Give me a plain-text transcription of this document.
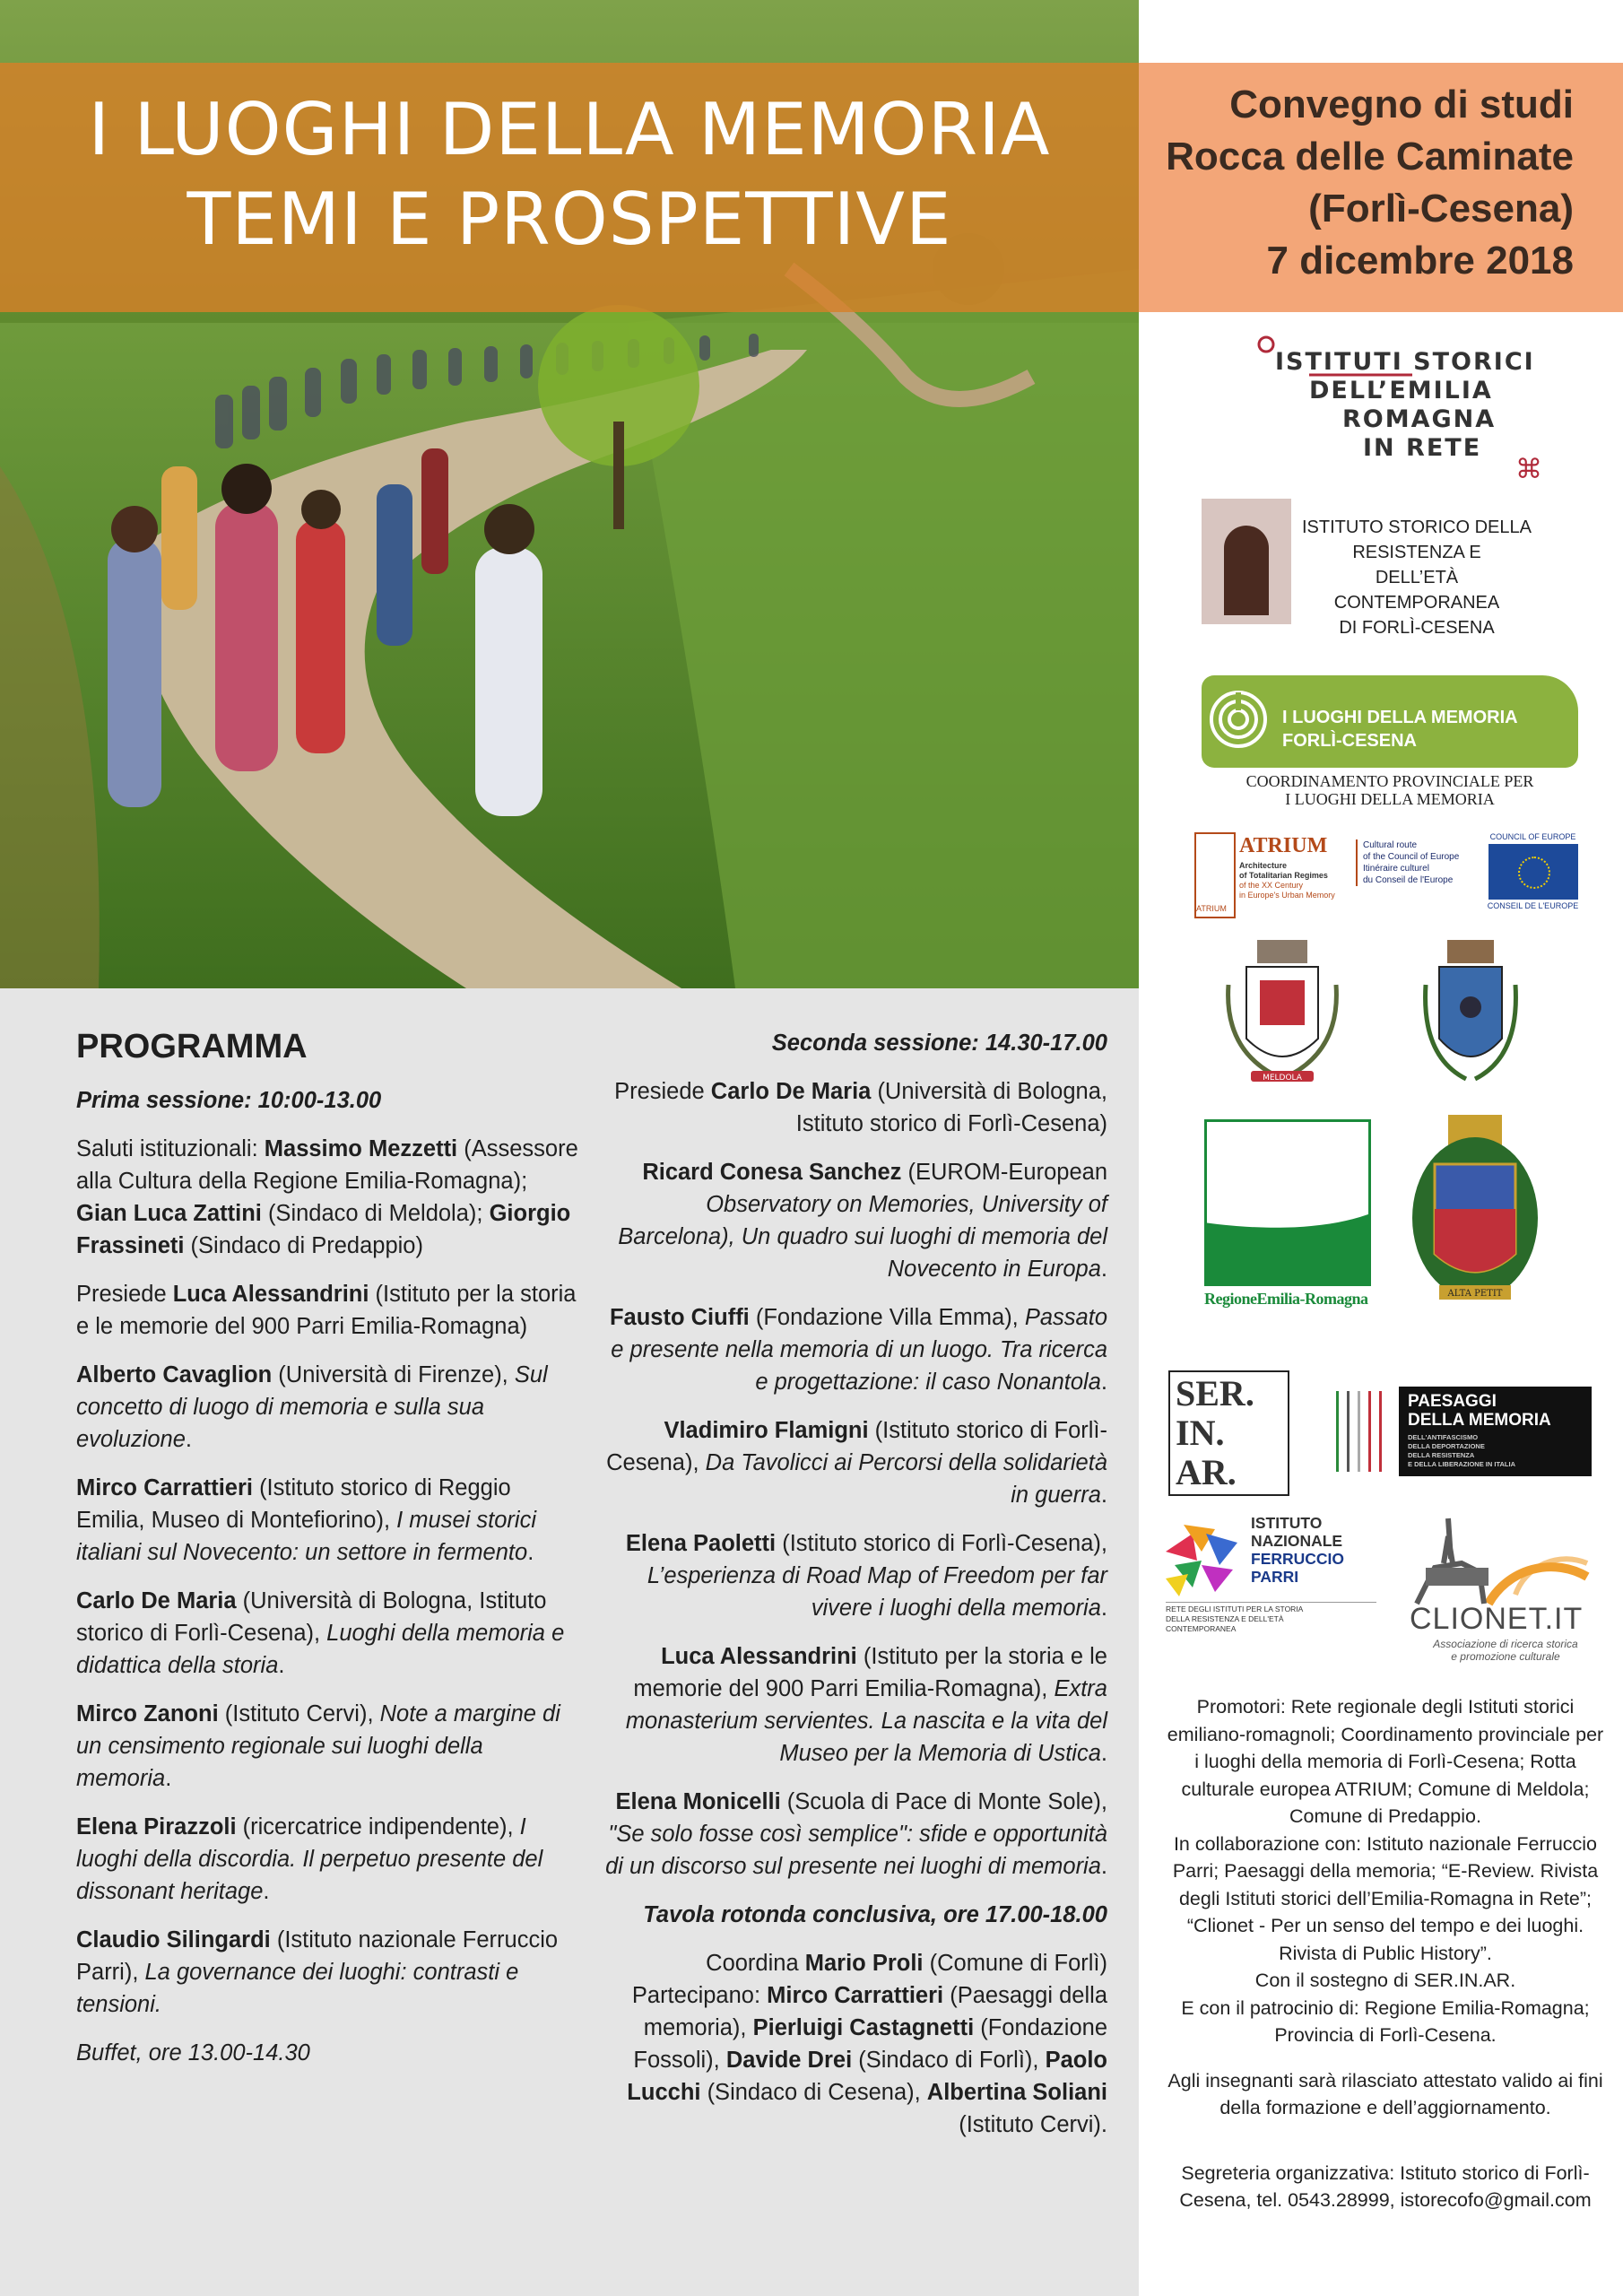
I LUOGHI DELLA MEMORIA
TEMI E PROSPETTIVE
Convegno di studi
Rocca delle Caminate
(Forlì-Cesena)
7 dicembre 2018

PROGRAMMA

Prima sessione: 10:00-13.00

Saluti istituzionali: Massimo Mezzetti (Assessore alla Cultura della Regione Emilia-Romagna); Gian Luca Zattini (Sindaco di Meldola); Giorgio Frassineti (Sindaco di Predappio)

Presiede Luca Alessandrini (Istituto per la storia e le memorie del 900 Parri Emilia-Romagna)

Alberto Cavaglion (Università di Firenze), Sul concetto di luogo di memoria e sulla sua evoluzione.

Mirco Carrattieri (Istituto storico di Reggio Emilia, Museo di Montefiorino), I musei storici italiani sul Novecento: un settore in fermento.

Carlo De Maria (Università di Bologna, Istituto storico di Forlì-Cesena), Luoghi della memoria e didattica della storia.

Mirco Zanoni (Istituto Cervi), Note a margine di un censimento regionale sui luoghi della memoria.

Elena Pirazzoli (ricercatrice indipendente), I luoghi della discordia. Il perpetuo presente del dissonant heritage.

Claudio Silingardi (Istituto nazionale Ferruccio Parri), La governance dei luoghi: contrasti e tensioni.

Buffet, ore 13.00-14.30

Seconda sessione: 14.30-17.00

Presiede Carlo De Maria (Università di Bologna, Istituto storico di Forlì-Cesena)

Ricard Conesa Sanchez (EUROM-European Observatory on Memories, University of Barcelona), Un quadro sui luoghi di memoria del Novecento in Europa.

Fausto Ciuffi (Fondazione Villa Emma), Passato e presente nella memoria di un luogo. Tra ricerca e progettazione: il caso Nonantola.

Vladimiro Flamigni (Istituto storico di Forlì-Cesena), Da Tavolicci ai Percorsi della solidarietà in guerra.

Elena Paoletti (Istituto storico di Forlì-Cesena), L’esperienza di Road Map of Freedom per far vivere i luoghi della memoria.

Luca Alessandrini (Istituto per la storia e le memorie del 900 Parri Emilia-Romagna), Extra monasterium servientes. La nascita e la vita del Museo per la Memoria di Ustica.

Elena Monicelli (Scuola di Pace di Monte Sole), "Se solo fosse così semplice": sfide e opportunità di un discorso sul presente nei luoghi di memoria.

Tavola rotonda conclusiva, ore 17.00-18.00

Coordina Mario Proli (Comune di Forlì)
Partecipano: Mirco Carrattieri (Paesaggi della memoria), Pierluigi Castagnetti (Fondazione Fossoli), Davide Drei (Sindaco di Forlì), Paolo Lucchi (Sindaco di Cesena), Albertina Soliani (Istituto Cervi).

ISTITUTI STORICI
DELL’EMILIA
ROMAGNA
IN RETE
⌘
ISTITUTO STORICO DELLA
RESISTENZA E
DELL’ETÀ CONTEMPORANEA
DI FORLÌ-CESENA
I LUOGHI DELLA MEMORIA
FORLÌ-CESENA
COORDINAMENTO PROVINCIALE PER
I LUOGHI DELLA MEMORIA
ATRIUM
ATRIUM
Architecture
of Totalitarian Regimes
of the XX Century
in Europe's Urban Memory
Cultural route
of the Council of Europe
Itinéraire culturel
du Conseil de l'Europe
COUNCIL OF EUROPE
CONSEIL DE L'EUROPE
MELDOLA
RegioneEmilia-Romagna	ALTA PETIT
SER.
IN.
AR.
PAESAGGI
DELLA MEMORIA
DELL'ANTIFASCISMO
DELLA DEPORTAZIONE
DELLA RESISTENZA
E DELLA LIBERAZIONE IN ITALIA
ISTITUTO
NAZIONALE
FERRUCCIO
PARRI
RETE DEGLI ISTITUTI PER LA STORIA
DELLA RESISTENZA E DELL'ETÀ
CONTEMPORANEA	CLIONET.IT
Associazione di ricerca storica
e promozione culturale

Promotori: Rete regionale degli Istituti storici emiliano-romagnoli; Coordinamento provinciale per i luoghi della memoria di Forlì-Cesena; Rotta culturale europea ATRIUM; Comune di Meldola; Comune di Predappio.

In collaborazione con: Istituto nazionale Ferruccio Parri; Paesaggi della memoria; “E-Review. Rivista degli Istituti storici dell’Emilia-Romagna in Rete”; “Clionet - Per un senso del tempo e dei luoghi. Rivista di Public History”.

Con il sostegno di SER.IN.AR.

E con il patrocinio di: Regione Emilia-Romagna; Provincia di Forlì-Cesena.

Agli insegnanti sarà rilasciato attestato valido ai fini della formazione e dell’aggiornamento.

Segreteria organizzativa: Istituto storico di Forlì-Cesena, tel. 0543.28999, istorecofo@gmail.com
